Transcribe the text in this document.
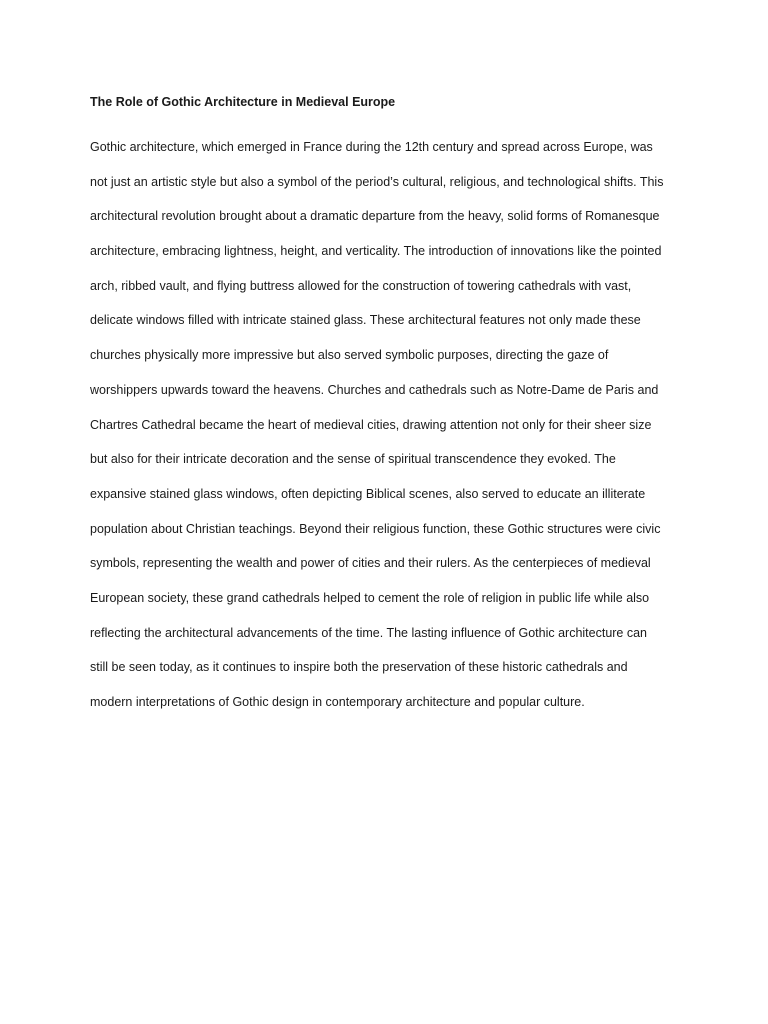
The Role of Gothic Architecture in Medieval Europe
Gothic architecture, which emerged in France during the 12th century and spread across Europe, was
not just an artistic style but also a symbol of the period’s cultural, religious, and technological shifts. This
architectural revolution brought about a dramatic departure from the heavy, solid forms of Romanesque
architecture, embracing lightness, height, and verticality. The introduction of innovations like the pointed
arch, ribbed vault, and flying buttress allowed for the construction of towering cathedrals with vast,
delicate windows filled with intricate stained glass. These architectural features not only made these
churches physically more impressive but also served symbolic purposes, directing the gaze of
worshippers upwards toward the heavens. Churches and cathedrals such as Notre-Dame de Paris and
Chartres Cathedral became the heart of medieval cities, drawing attention not only for their sheer size
but also for their intricate decoration and the sense of spiritual transcendence they evoked. The
expansive stained glass windows, often depicting Biblical scenes, also served to educate an illiterate
population about Christian teachings. Beyond their religious function, these Gothic structures were civic
symbols, representing the wealth and power of cities and their rulers. As the centerpieces of medieval
European society, these grand cathedrals helped to cement the role of religion in public life while also
reflecting the architectural advancements of the time. The lasting influence of Gothic architecture can
still be seen today, as it continues to inspire both the preservation of these historic cathedrals and
modern interpretations of Gothic design in contemporary architecture and popular culture.
